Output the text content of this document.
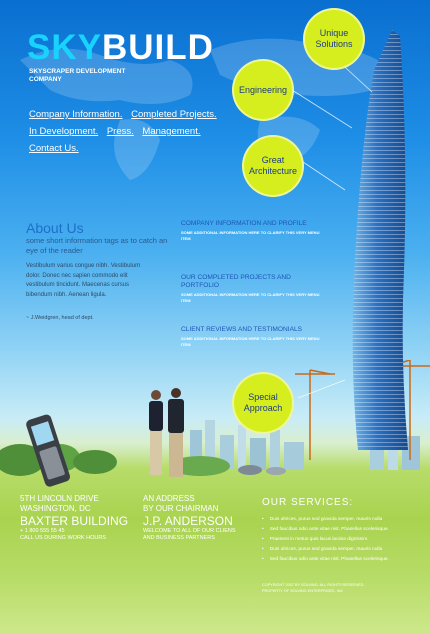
SKYBUILD
SKYSCRAPER DEVELOPMENT COMPANY
Company Information. Completed Projects.
In Development. Press. Management.
Contact Us.
About Us
some short information tags as to catch an eye of the reader
Vestibulum varius congue nibh. Vestibulum dolor. Donec nec sapien commodo elit vestibulum tincidunt. Maecenas cursus bibendum nibh. Aenean ligula.
~ J.Weidgren, head of dept.
COMPANY INFORMATION AND PROFILE
SOME ADDITIONAL INFORMATION HERE TO CLARIFY THIS VERY MENU ITEM
OUR COMPLETED PROJECTS AND PORTFOLIO
SOME ADDITIONAL INFORMATION HERE TO CLARIFY THIS VERY MENU ITEM
CLIENT REVIEWS AND TESTIMONIALS
SOME ADDITIONAL INFORMATION HERE TO CLARIFY THIS VERY MENU ITEM
Unique Solutions
Engineering
Great Architecture
Special Approach
5TH LINCOLN DRIVE
WASHINGTON, DC
BAXTER BUILDING
+ 1 800 555 55 45
CALL US DURING WORK HOURS
AN ADDRESS
BY OUR CHAIRMAN
J.P. ANDERSON
WELCOME TO ALL OF OUR CLIENS
AND BUSINESS PARTNERS
OUR SERVICES:
• Duis ultrices, purus sed gravida semper, mauris nulla
• Sed faucibus odio ante vitae nisl. Phasellus scelerisque.
• Praesent in metus quis lacus lacinia dignissim.
• Duis ultrices, purus sed gravida semper, mauris nulla
• Sed faucibus odio ante vitae nisl. Phasellus scelerisque.
COPYRIGHT 2007 BY SOLVING. ALL RIGHTS RESERVED.
PROPERTY OF SOLVING ENTERPRISES, INC
